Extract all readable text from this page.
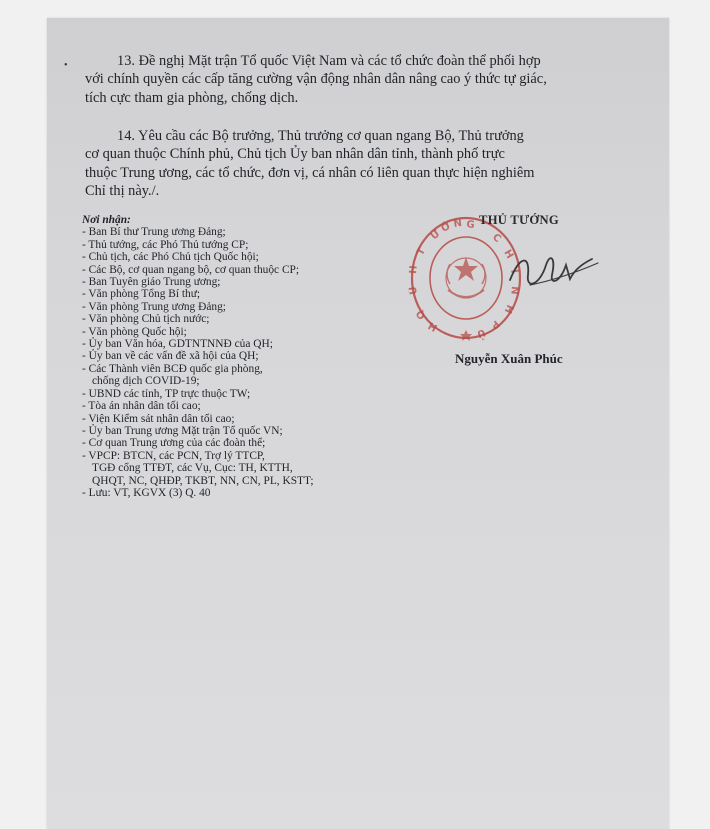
•	13. Đề nghị Mặt trận Tổ quốc Việt Nam và các tổ chức đoàn thể phối hợp
với chính quyền các cấp tăng cường vận động nhân dân nâng cao ý thức tự giác,
tích cực tham gia phòng, chống dịch.
14. Yêu cầu các Bộ trưởng, Thủ trưởng cơ quan ngang Bộ, Thủ trưởng
cơ quan thuộc Chính phủ, Chủ tịch Ủy ban nhân dân tỉnh, thành phố trực
thuộc Trung ương, các tổ chức, đơn vị, cá nhân có liên quan thực hiện nghiêm
Chỉ thị này./.
Nơi nhận:
- Ban Bí thư Trung ương Đảng;
- Thủ tướng, các Phó Thủ tướng CP;
- Chủ tịch, các Phó Chủ tịch Quốc hội;
- Các Bộ, cơ quan ngang bộ, cơ quan thuộc CP;
- Ban Tuyên giáo Trung ương;
- Văn phòng Tổng Bí thư;
- Văn phòng Trung ương Đảng;
- Văn phòng Chủ tịch nước;
- Văn phòng Quốc hội;
- Ủy ban Văn hóa, GDTNTNNĐ của QH;
- Ủy ban về các vấn đề xã hội của QH;
- Các Thành viên BCĐ quốc gia phòng,
chống dịch COVID-19;
- UBND các tỉnh, TP trực thuộc TW;
- Tòa án nhân dân tối cao;
- Viện Kiểm sát nhân dân tối cao;
- Ủy ban Trung ương Mặt trận Tổ quốc VN;
- Cơ quan Trung ương của các đoàn thể;
- VPCP: BTCN, các PCN, Trợ lý TTCP,
TGĐ cổng TTĐT, các Vụ, Cục: TH, KTTH,
QHQT, NC, QHĐP, TKBT, NN, CN, PL, KSTT;
- Lưu: VT, KGVX (3) Q. 40
Ư
Ớ N G
T
H
Ủ
C
H
Í
N
H
Q
H	P
Ủ
THỦ TƯỚNG
Nguyễn Xuân Phúc
